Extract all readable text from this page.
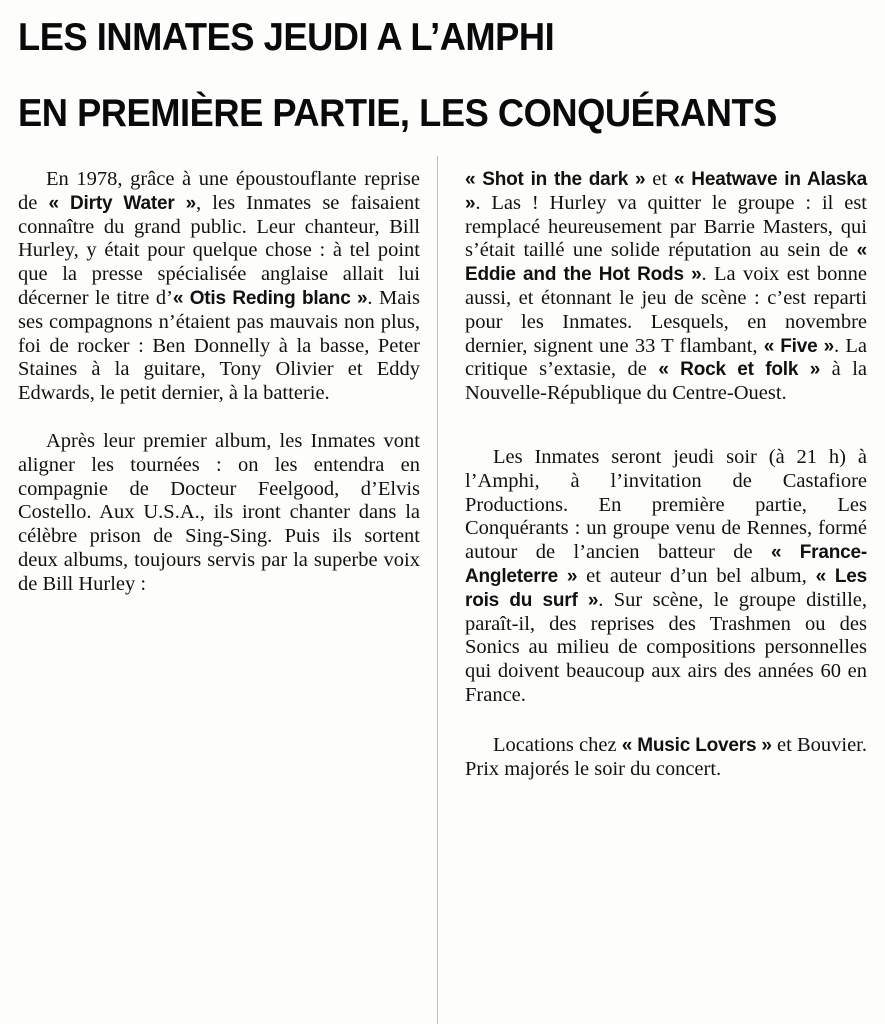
LES INMATES JEUDI A L’AMPHI
EN PREMIÈRE PARTIE, LES CONQUÉRANTS

En 1978, grâce à une époustouflante reprise de « Dirty Water », les Inmates se faisaient connaître du grand public. Leur chanteur, Bill Hurley, y était pour quelque chose : à tel point que la presse spécialisée anglaise allait lui décerner le titre d’« Otis Reding blanc ». Mais ses compagnons n’étaient pas mauvais non plus, foi de rocker : Ben Donnelly à la basse, Peter Staines à la guitare, Tony Olivier et Eddy Edwards, le petit dernier, à la batterie.

Après leur premier album, les Inmates vont aligner les tournées : on les entendra en compagnie de Docteur Feelgood, d’Elvis Costello. Aux U.S.A., ils iront chanter dans la célèbre prison de Sing-Sing. Puis ils sortent deux albums, toujours servis par la superbe voix de Bill Hurley :

« Shot in the dark » et « Heatwave in Alaska ». Las ! Hurley va quitter le groupe : il est remplacé heureusement par Barrie Masters, qui s’était taillé une solide réputation au sein de « Eddie and the Hot Rods ». La voix est bonne aussi, et étonnant le jeu de scène : c’est reparti pour les Inmates. Lesquels, en novembre dernier, signent une 33 T flambant, « Five ». La critique s’extasie, de « Rock et folk » à la Nouvelle-République du Centre-Ouest.

Les Inmates seront jeudi soir (à 21 h) à l’Amphi, à l’invitation de Castafiore Productions. En première partie, Les Conquérants : un groupe venu de Rennes, formé autour de l’ancien batteur de « France-Angleterre » et auteur d’un bel album, « Les rois du surf ». Sur scène, le groupe distille, paraît-il, des reprises des Trashmen ou des Sonics au milieu de compositions personnelles qui doivent beaucoup aux airs des années 60 en France.

Locations chez « Music Lovers » et Bouvier. Prix majorés le soir du concert.
